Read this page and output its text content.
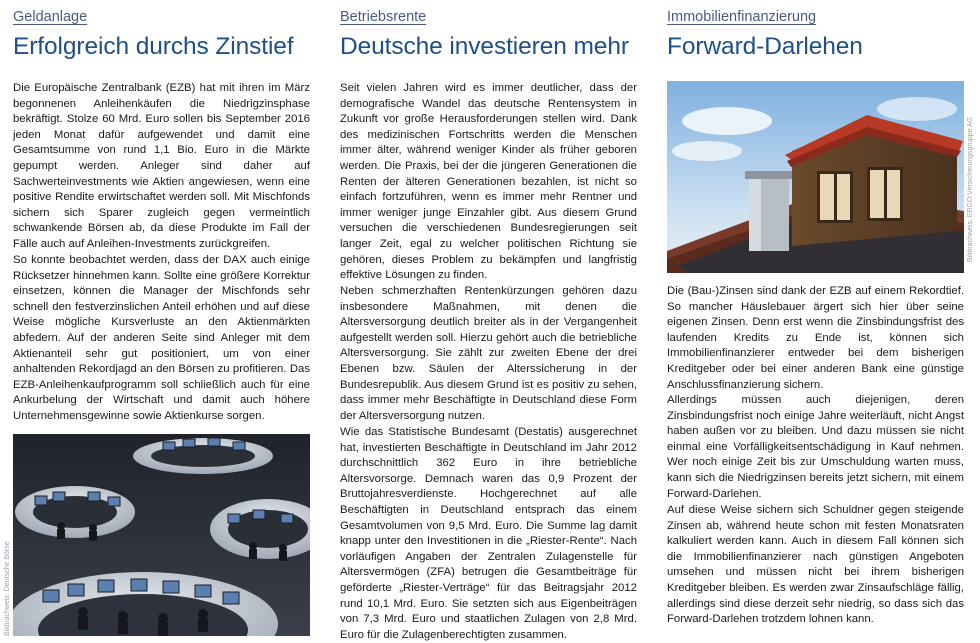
Geldanlage
Erfolgreich durchs Zinstief

Die Europäische Zentralbank (EZB) hat mit ihren im März begonnenen Anleihenkäufen die Niedrigzinsphase bekräftigt. Stolze 60 Mrd. Euro sollen bis September 2016 jeden Monat dafür aufgewendet und damit eine Gesamtsumme von rund 1,1 Bio. Euro in die Märkte gepumpt werden. Anleger sind daher auf Sachwerteinvestments wie Aktien angewiesen, wenn eine positive Rendite erwirtschaftet werden soll. Mit Mischfonds sichern sich Sparer zugleich gegen vermeintlich schwankende Börsen ab, da diese Produkte im Fall der Fälle auch auf Anleihen-Investments zurückgreifen.

So konnte beobachtet werden, dass der DAX auch einige Rücksetzer hinnehmen kann. Sollte eine größere Korrektur einsetzen, können die Manager der Mischfonds sehr schnell den festverzinslichen Anteil erhöhen und auf diese Weise mögliche Kursverluste an den Aktienmärkten abfedern. Auf der anderen Seite sind Anleger mit dem Aktienanteil sehr gut positioniert, um von einer anhaltenden Rekordjagd an den Börsen zu profitieren. Das EZB-Anleihenkaufprogramm soll schließlich auch für eine Ankurbelung der Wirtschaft und damit auch höhere Unternehmensgewinne sowie Aktienkurse sorgen.

Bildnachweis: Deutsche Börse
Betriebsrente
Deutsche investieren mehr

Seit vielen Jahren wird es immer deutlicher, dass der demografische Wandel das deutsche Rentensystem in Zukunft vor große Herausforderungen stellen wird. Dank des medizinischen Fortschritts werden die Menschen immer älter, während weniger Kinder als früher geboren werden. Die Praxis, bei der die jüngeren Generationen die Renten der älteren Generationen bezahlen, ist nicht so einfach fortzuführen, wenn es immer mehr Rentner und immer weniger junge Einzahler gibt. Aus diesem Grund versuchen die verschiedenen Bundesregierungen seit langer Zeit, egal zu welcher politischen Richtung sie gehören, dieses Problem zu bekämpfen und langfristig effektive Lösungen zu finden.

Neben schmerzhaften Rentenkürzungen gehören dazu insbesondere Maßnahmen, mit denen die Altersversorgung deutlich breiter als in der Vergangenheit aufgestellt werden soll. Hierzu gehört auch die betriebliche Altersversorgung. Sie zählt zur zweiten Ebene der drei Ebenen bzw. Säulen der Alterssicherung in der Bundesrepublik. Aus diesem Grund ist es positiv zu sehen, dass immer mehr Beschäftigte in Deutschland diese Form der Altersversorgung nutzen.

Wie das Statistische Bundesamt (Destatis) ausgerechnet hat, investierten Beschäftigte in Deutschland im Jahr 2012 durchschnittlich 362 Euro in ihre betriebliche Altersvorsorge. Demnach waren das 0,9 Prozent der Bruttojahresverdienste. Hochgerechnet auf alle Beschäftigten in Deutschland entsprach das einem Gesamtvolumen von 9,5 Mrd. Euro. Die Summe lag damit knapp unter den Investitionen in die „Riester-Rente“. Nach vorläufigen Angaben der Zentralen Zulagenstelle für Altersvermögen (ZFA) betrugen die Gesamtbeiträge für geförderte „Riester-Verträge“ für das Beitragsjahr 2012 rund 10,1 Mrd. Euro. Sie setzten sich aus Eigenbeiträgen von 7,3 Mrd. Euro und staatlichen Zulagen von 2,8 Mrd. Euro für die Zulagenberechtigten zusammen.

Immobilienfinanzierung
Forward-Darlehen

Die (Bau-)Zinsen sind dank der EZB auf einem Rekordtief. So mancher Häuslebauer ärgert sich hier über seine eigenen Zinsen. Denn erst wenn die Zinsbindungsfrist des laufenden Kredits zu Ende ist, können sich Immobilienfinanzierer entweder bei dem bisherigen Kreditgeber oder bei einer anderen Bank eine günstige Anschlussfinanzierung sichern.

Allerdings müssen auch diejenigen, deren Zinsbindungsfrist noch einige Jahre weiterläuft, nicht Angst haben außen vor zu bleiben. Und dazu müssen sie nicht einmal eine Vorfälligkeitsentschädigung in Kauf nehmen. Wer noch einige Zeit bis zur Umschuldung warten muss, kann sich die Niedrigzinsen bereits jetzt sichern, mit einem Forward-Darlehen.

Auf diese Weise sichern sich Schuldner gegen steigende Zinsen ab, während heute schon mit festen Monatsraten kalkuliert werden kann. Auch in diesem Fall können sich die Immobilienfinanzierer nach günstigen Angeboten umsehen und müssen nicht bei ihrem bisherigen Kreditgeber bleiben. Es werden zwar Zinsaufschläge fällig, allerdings sind diese derzeit sehr niedrig, so dass sich das Forward-Darlehen trotzdem lohnen kann.

Bildnachweis: ERGO Versicherungsgruppe AG
